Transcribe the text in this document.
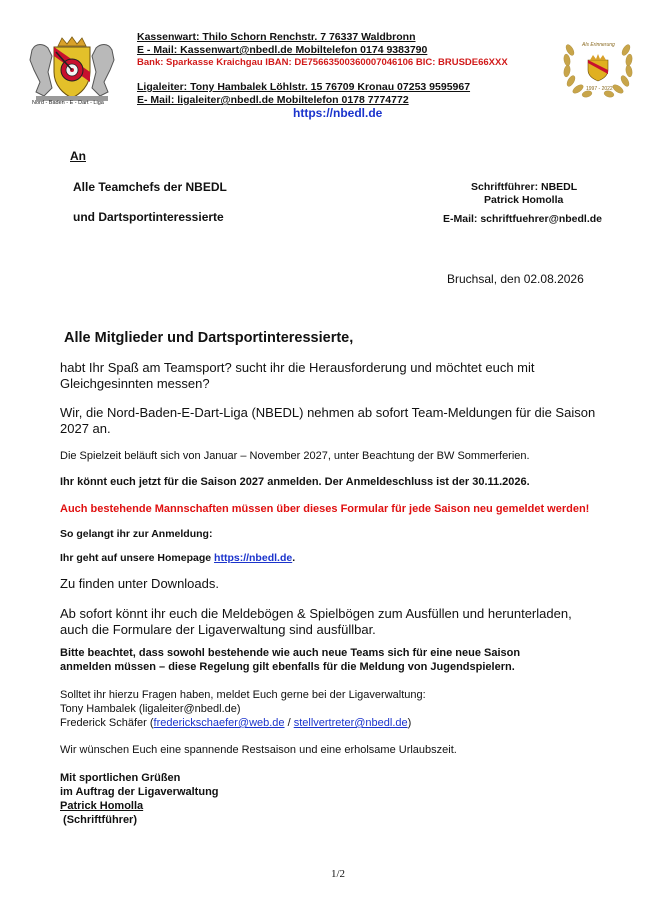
Nord - Baden - E - Dart - Liga
Als Erinnerung
1997 - 2022
Kassenwart: Thilo Schorn Renchstr. 7 76337 Waldbronn
E - Mail: Kassenwart@nbedl.de Mobiltelefon 0174 9383790
Bank: Sparkasse Kraichgau IBAN: DE75663500360007046106 BIC: BRUSDE66XXX
Ligaleiter: Tony Hambalek Löhlstr. 15 76709 Kronau 07253 9595967
E- Mail: ligaleiter@nbedl.de Mobiltelefon 0178 7774772
https://nbedl.de
An
Alle Teamchefs der NBEDL
und Dartsportinteressierte
Schriftführer: NBEDL
Patrick Homolla
E-Mail: schriftfuehrer@nbedl.de
Bruchsal, den 02.08.2026
Alle Mitglieder und Dartsportinteressierte,
habt Ihr Spaß am Teamsport? sucht ihr die Herausforderung und möchtet euch mit
Gleichgesinnten messen?
Wir, die Nord-Baden-E-Dart-Liga (NBEDL) nehmen ab sofort Team-Meldungen für die Saison
2027 an.
Die Spielzeit beläuft sich von Januar – November 2027, unter Beachtung der BW Sommerferien.
Ihr könnt euch jetzt für die Saison 2027 anmelden. Der Anmeldeschluss ist der 30.11.2026.
Auch bestehende Mannschaften müssen über dieses Formular für jede Saison neu gemeldet werden!
So gelangt ihr zur Anmeldung:
Ihr geht auf unsere Homepage https://nbedl.de.
Zu finden unter Downloads.
Ab sofort könnt ihr euch die Meldebögen & Spielbögen zum Ausfüllen und herunterladen,
auch die Formulare der Ligaverwaltung sind ausfüllbar.
Bitte beachtet, dass sowohl bestehende wie auch neue Teams sich für eine neue Saison
anmelden müssen – diese Regelung gilt ebenfalls für die Meldung von Jugendspielern.
Solltet ihr hierzu Fragen haben, meldet Euch gerne bei der Ligaverwaltung:
Tony Hambalek (ligaleiter@nbedl.de)
Frederick Schäfer (frederickschaefer@web.de / stellvertreter@nbedl.de)
Wir wünschen Euch eine spannende Restsaison und eine erholsame Urlaubszeit.
Mit sportlichen Grüßen
im Auftrag der Ligaverwaltung
Patrick Homolla
(Schriftführer)
1/2
